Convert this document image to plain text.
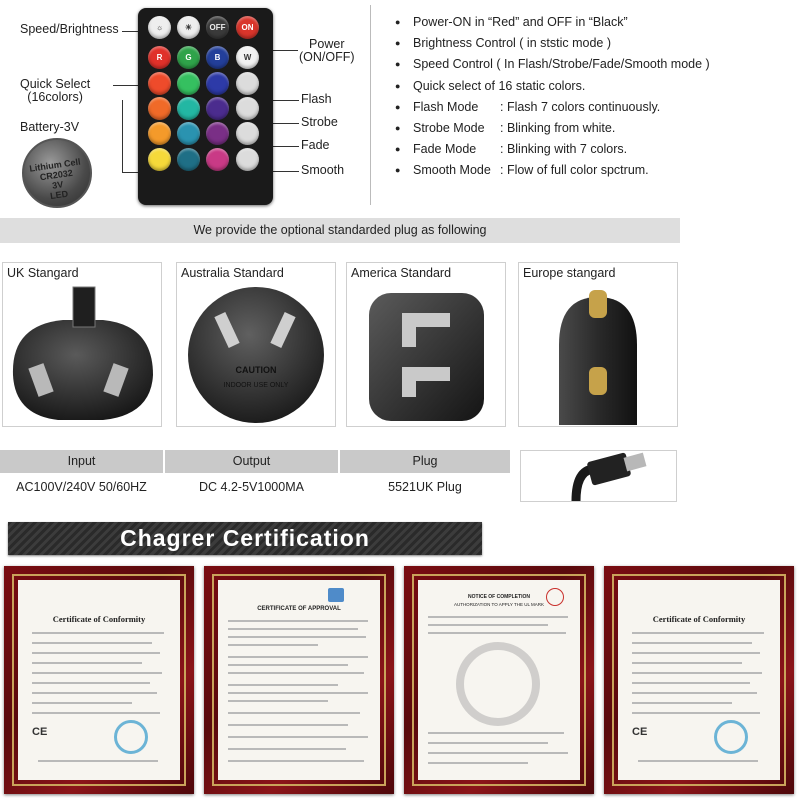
Speed/Brightness
Quick Select
(16colors)
Battery-3V
Lithium Cell
CR2032
3V
LED
Power
(ON/OFF)
Flash
Strobe
Fade
Smooth
☼	☀	OFF	ON
R	G	B	W
● Power-ON in “Red” and OFF in “Black”
● Brightness Control ( in ststic mode )
● Speed Control ( In Flash/Strobe/Fade/Smooth mode )
● Quick select of 16 static colors.
● Flash Mode : Flash 7 colors continuously.
● Strobe Mode : Blinking from white.
● Fade Mode : Blinking with 7 colors.
● Smooth Mode : Flow of full color spctrum.
We provide the optional standarded plug as following
UK Stangard	Australia Standard
CAUTION
INDOOR USE ONLY
America Standard	Europe stangard
Input	Output	Plug
AC100V/240V 50/60HZ	DC 4.2-5V1000MA	5521UK Plug
Chagrer Certification
Certificate of Conformity
CE
CERTIFICATE OF APPROVAL
NOTICE OF COMPLETION
AUTHORIZATION TO APPLY THE UL MARK
Certificate of Conformity
CE
